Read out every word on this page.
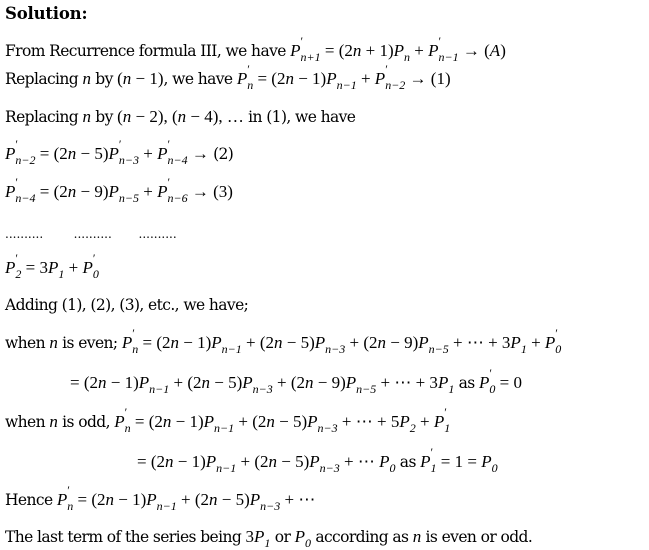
Solution:
From Recurrence formula III, we have P ′
$n+1 = (2n + 1)P_n + P$ ′
n−1 → (A)
Replacing n by (n − 1), we have P ′
$n = (2n - 1)P_{n-1} + P$ ′
n−2 → (1)
Replacing n by (n − 2), (n − 4), … in (1), we have
P ′
n−2 = (2n − 5)P ′
n−3 + P ′
n−4 → (2)
P ′
$n-4 = (2n - 9)P_{n-5} + P$ ′
n−6 → (3)
..........        ..........       ..........
P ′
$2 = 3P_1 + P$ ′
0
Adding (1), (2), (3), etc., we have;
when n is even; P ′
$n = (2n - 1)P_{n-1} + (2n - 5)P_{n-3} + (2n - 9)P_{n-5}$ + ⋯ + $3P_1 + P$ ′
0
= $(2n - 1)P_{n-1} + (2n - 5)P_{n-3} + (2n - 9)P_{n-5}$ + ⋯ + $3P_1$ as P ′
0 = 0
when n is odd, P ′
$n = (2n - 1)P_{n-1} + (2n - 5)P_{n-3}$ + ⋯ + $5P_2 + P$ ′
1
= $(2n - 1)P_{n-1} + (2n - 5)P_{n-3}$ + ⋯ $P_0$ as P ′
$1 = 1 = P_0$
Hence P ′
$n = (2n - 1)P_{n-1} + (2n - 5)P_{n-3}$ + ⋯
The last term of the series being $3P_1$ or $P_0$ according as n is even or odd.
